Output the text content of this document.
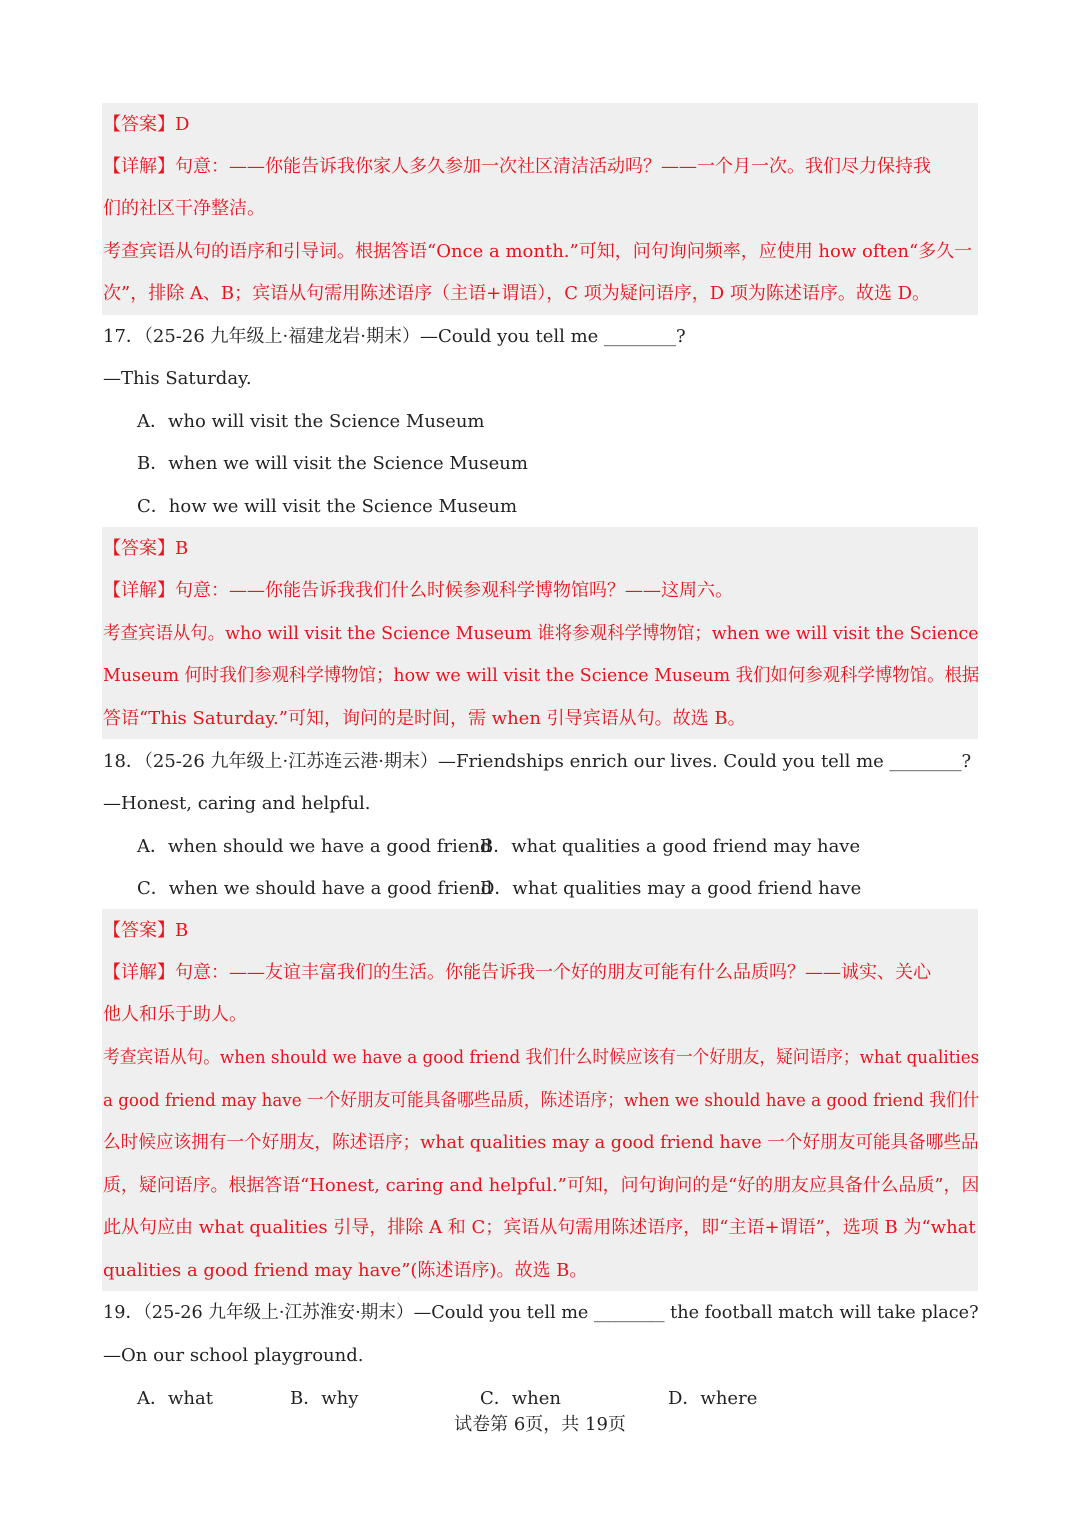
【答案】D
【详解】句意：——你能告诉我你家人多久参加一次社区清洁活动吗？——一个月一次。我们尽力保持我
们的社区干净整洁。
考查宾语从句的语序和引导词。根据答语“Once a month.”可知，问句询问频率，应使用 how often“多久一
次”，排除 A、B；宾语从句需用陈述语序（主语+谓语），C 项为疑问语序，D 项为陈述语序。故选 D。
17．（25-26 九年级上·福建龙岩·期末）—Could you tell me ________?
—This Saturday.
A．who will visit the Science Museum
B．when we will visit the Science Museum
C．how we will visit the Science Museum
【答案】B
【详解】句意：——你能告诉我我们什么时候参观科学博物馆吗？——这周六。
考查宾语从句。who will visit the Science Museum 谁将参观科学博物馆；when we will visit the Science
Museum 何时我们参观科学博物馆；how we will visit the Science Museum 我们如何参观科学博物馆。根据
答语“This Saturday.”可知，询问的是时间，需 when 引导宾语从句。故选 B。
18．（25-26 九年级上·江苏连云港·期末）—Friendships enrich our lives. Could you tell me ________?
—Honest, caring and helpful.
A．when should we have a good friend
B．what qualities a good friend may have
C．when we should have a good friend
D．what qualities may a good friend have
【答案】B
【详解】句意：——友谊丰富我们的生活。你能告诉我一个好的朋友可能有什么品质吗？——诚实、关心
他人和乐于助人。
考查宾语从句。when should we have a good friend 我们什么时候应该有一个好朋友，疑问语序；what qualities
a good friend may have 一个好朋友可能具备哪些品质，陈述语序；when we should have a good friend 我们什
么时候应该拥有一个好朋友，陈述语序；what qualities may a good friend have 一个好朋友可能具备哪些品
质，疑问语序。根据答语“Honest, caring and helpful.”可知，问句询问的是“好的朋友应具备什么品质”，因
此从句应由 what qualities 引导，排除 A 和 C；宾语从句需用陈述语序，即“主语+谓语”，选项 B 为“what
qualities a good friend may have”(陈述语序)。故选 B。
19．（25-26 九年级上·江苏淮安·期末）—Could you tell me ________ the football match will take place?
—On our school playground.
A．what	B．why	C．when	D．where
试卷第 6页，共 19页
